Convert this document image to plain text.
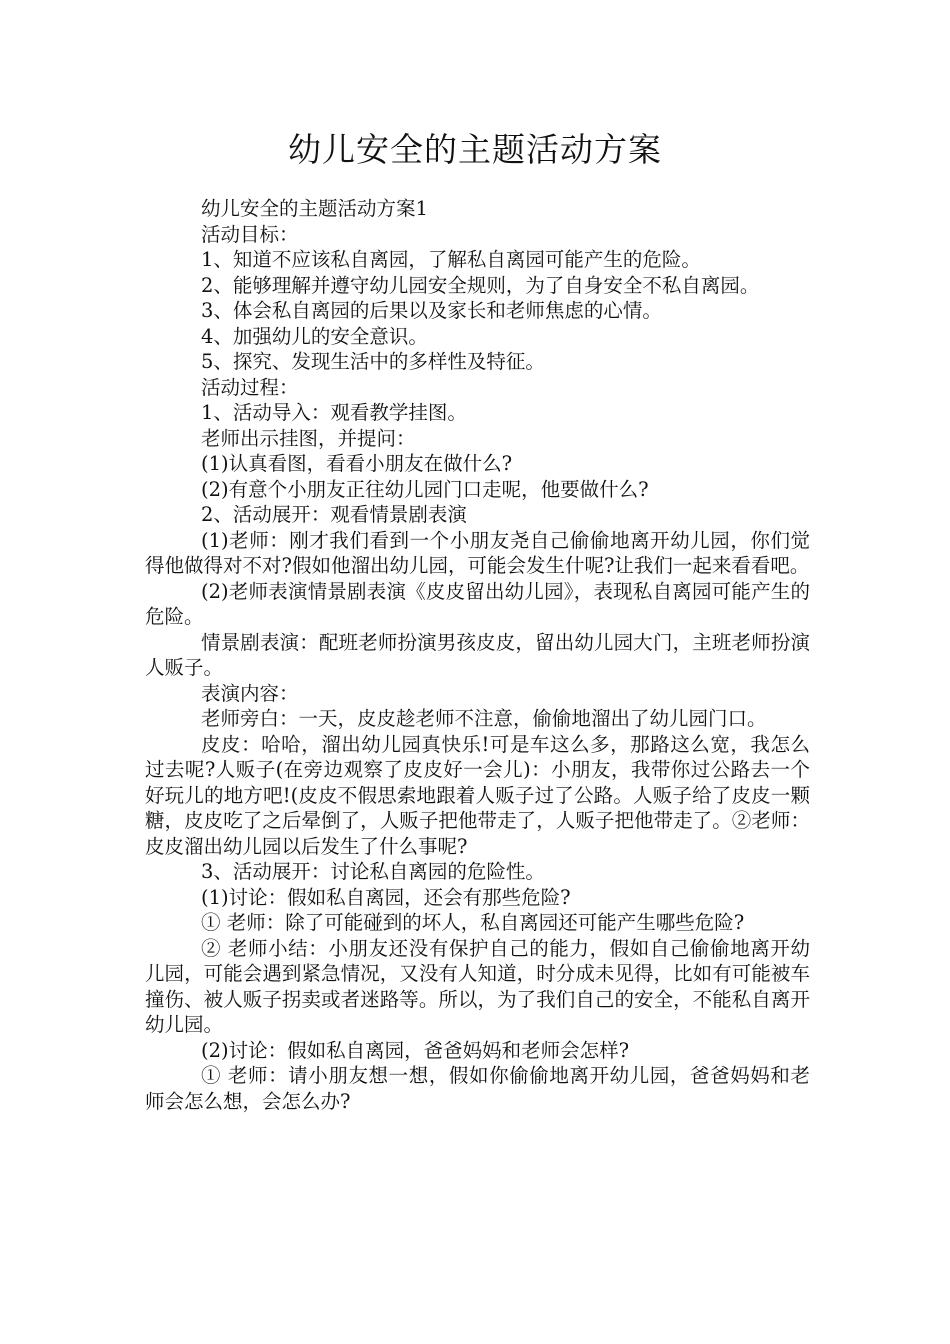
幼儿安全的主题活动方案

幼儿安全的主题活动方案1

活动目标：

1、知道不应该私自离园，了解私自离园可能产生的危险。

2、能够理解并遵守幼儿园安全规则，为了自身安全不私自离园。

3、体会私自离园的后果以及家长和老师焦虑的心情。

4、加强幼儿的安全意识。

5、探究、发现生活中的多样性及特征。

活动过程：

1、活动导入：观看教学挂图。

老师出示挂图，并提问：

(1)认真看图，看看小朋友在做什么?

(2)有意个小朋友正往幼儿园门口走呢，他要做什么?

2、活动展开：观看情景剧表演

(1)老师：刚才我们看到一个小朋友尧自己偷偷地离开幼儿园，你们觉得他做得对不对?假如他溜出幼儿园，可能会发生什呢?让我们一起来看看吧。

(2)老师表演情景剧表演《皮皮留出幼儿园》，表现私自离园可能产生的危险。

情景剧表演：配班老师扮演男孩皮皮，留出幼儿园大门，主班老师扮演人贩子。

表演内容：

老师旁白：一天，皮皮趁老师不注意，偷偷地溜出了幼儿园门口。

皮皮：哈哈，溜出幼儿园真快乐!可是车这么多，那路这么宽，我怎么过去呢?人贩子(在旁边观察了皮皮好一会儿)：小朋友，我带你过公路去一个好玩儿的地方吧!(皮皮不假思索地跟着人贩子过了公路。人贩子给了皮皮一颗糖，皮皮吃了之后晕倒了，人贩子把他带走了，人贩子把他带走了。②老师：皮皮溜出幼儿园以后发生了什么事呢?

3、活动展开：讨论私自离园的危险性。

(1)讨论：假如私自离园，还会有那些危险?

① 老师：除了可能碰到的坏人，私自离园还可能产生哪些危险?

② 老师小结：小朋友还没有保护自己的能力，假如自己偷偷地离开幼儿园，可能会遇到紧急情况，又没有人知道，时分成未见得，比如有可能被车撞伤、被人贩子拐卖或者迷路等。所以，为了我们自己的安全，不能私自离开幼儿园。

(2)讨论：假如私自离园，爸爸妈妈和老师会怎样?

① 老师：请小朋友想一想，假如你偷偷地离开幼儿园，爸爸妈妈和老师会怎么想，会怎么办?
